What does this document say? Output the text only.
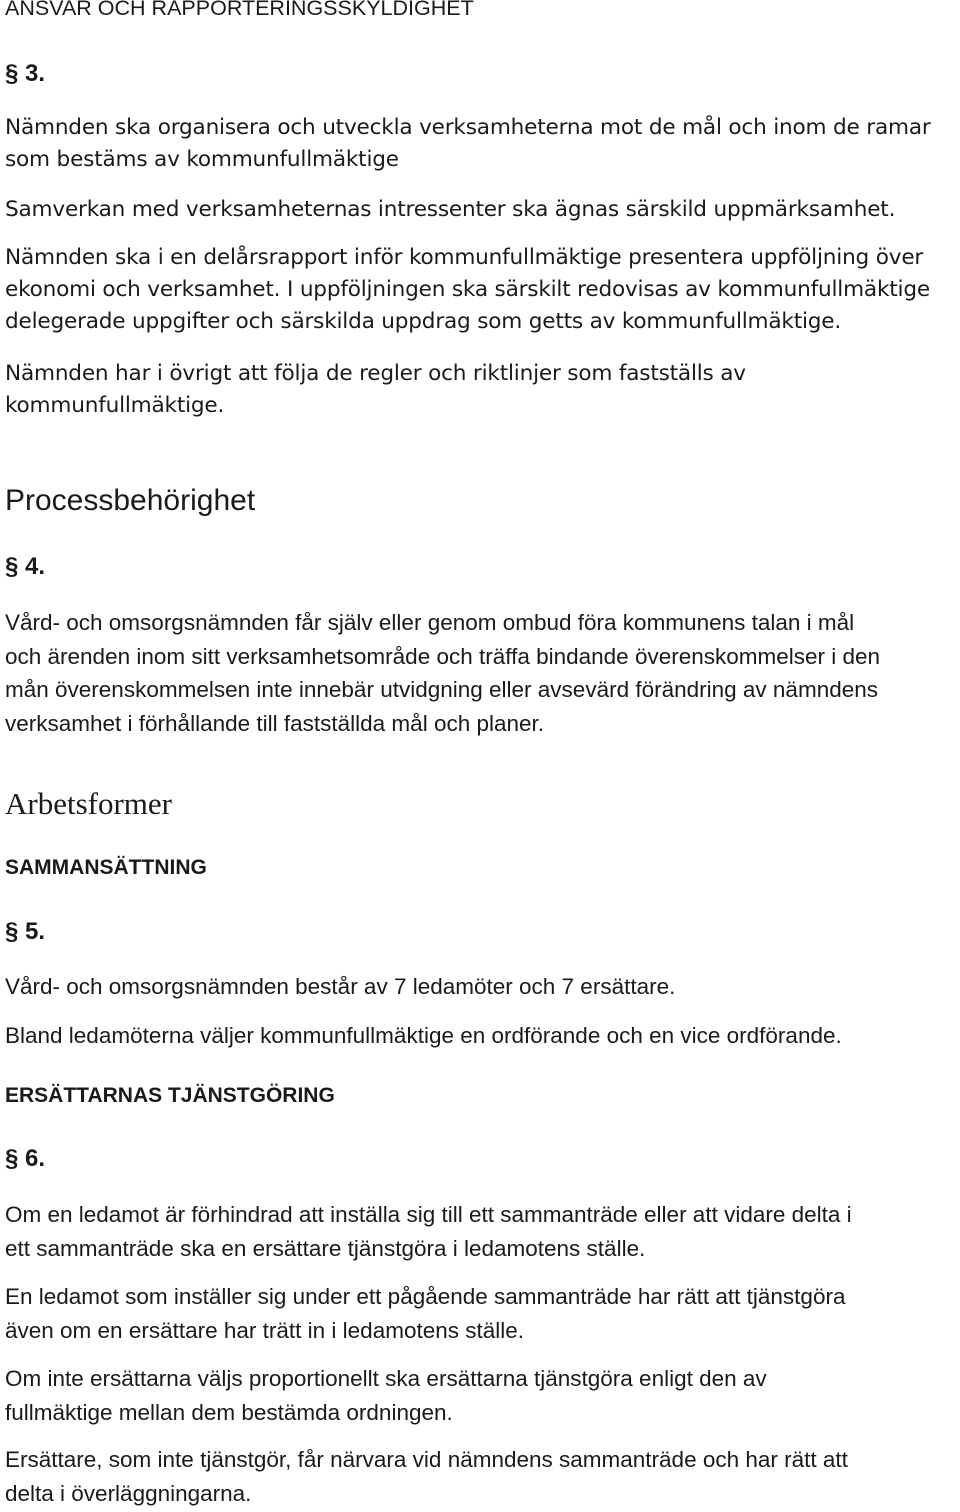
ANSVAR OCH RAPPORTERINGSSKYLDIGHET
§ 3.
Nämnden ska organisera och utveckla verksamheterna mot de mål och inom de ramar
som bestäms av kommunfullmäktige
Samverkan med verksamheternas intressenter ska ägnas särskild uppmärksamhet.
Nämnden ska i en delårsrapport inför kommunfullmäktige presentera uppföljning över
ekonomi och verksamhet. I uppföljningen ska särskilt redovisas av kommunfullmäktige
delegerade uppgifter och särskilda uppdrag som getts av kommunfullmäktige.
Nämnden har i övrigt att följa de regler och riktlinjer som fastställs av
kommunfullmäktige.
Processbehörighet
§ 4.
Vård- och omsorgsnämnden får själv eller genom ombud föra kommunens talan i mål
och ärenden inom sitt verksamhetsområde och träffa bindande överenskommelser i den
mån överenskommelsen inte innebär utvidgning eller avsevärd förändring av nämndens
verksamhet i förhållande till fastställda mål och planer.
Arbetsformer
SAMMANSÄTTNING
§ 5.
Vård- och omsorgsnämnden består av 7 ledamöter och 7 ersättare.
Bland ledamöterna väljer kommunfullmäktige en ordförande och en vice ordförande.
ERSÄTTARNAS TJÄNSTGÖRING
§ 6.
Om en ledamot är förhindrad att inställa sig till ett sammanträde eller att vidare delta i
ett sammanträde ska en ersättare tjänstgöra i ledamotens ställe.
En ledamot som inställer sig under ett pågående sammanträde har rätt att tjänstgöra
även om en ersättare har trätt in i ledamotens ställe.
Om inte ersättarna väljs proportionellt ska ersättarna tjänstgöra enligt den av
fullmäktige mellan dem bestämda ordningen.
Ersättare, som inte tjänstgör, får närvara vid nämndens sammanträde och har rätt att
delta i överläggningarna.
